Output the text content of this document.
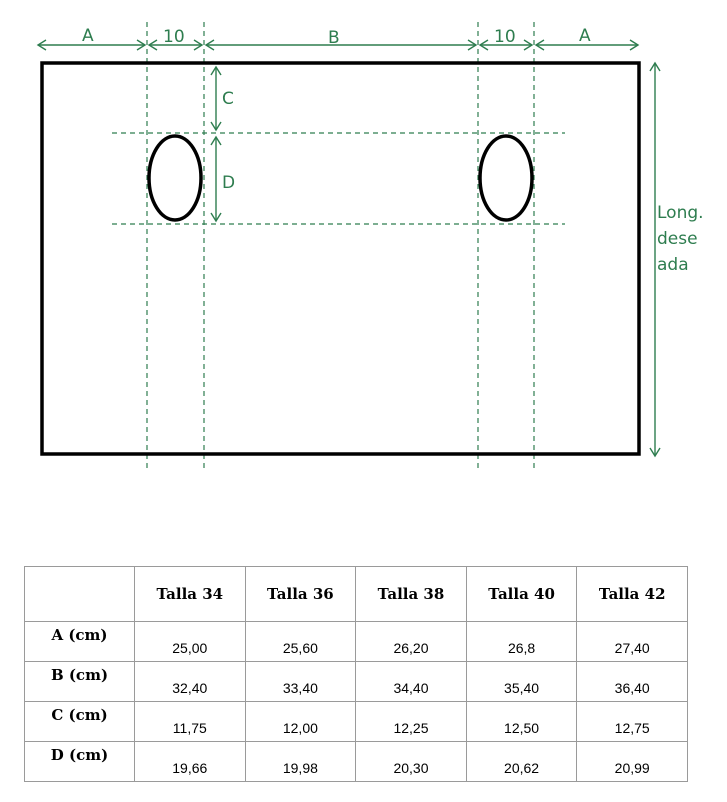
A	10	B	10	A
C
D
Long.
dese
ada
	Talla 34	Talla 36	Talla 38	Talla 40	Talla 42
A (cm)	25,00	25,60	26,20	26,8	27,40
B (cm)	32,40	33,40	34,40	35,40	36,40
C (cm)	11,75	12,00	12,25	12,50	12,75
D (cm)	19,66	19,98	20,30	20,62	20,99
